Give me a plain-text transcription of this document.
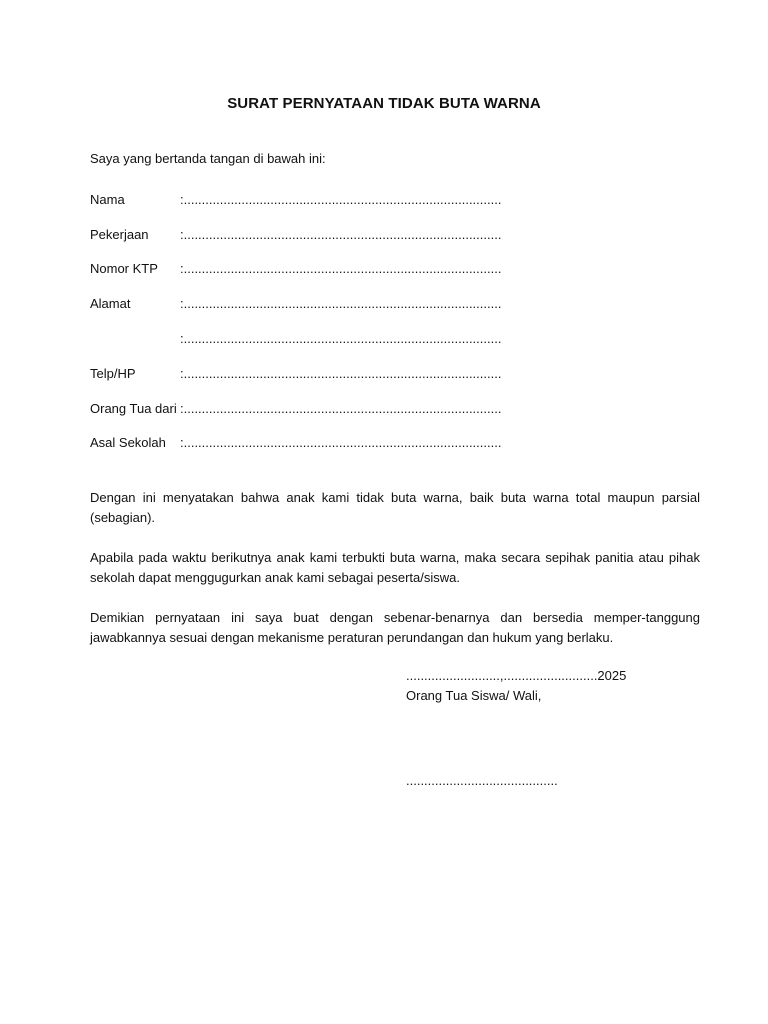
SURAT PERNYATAAN TIDAK BUTA WARNA
Saya yang bertanda tangan di bawah ini:
Nama	:........................................................................................
Pekerjaan :........................................................................................
Nomor KTP :........................................................................................
Alamat	:........................................................................................
:........................................................................................
Telp/HP	:........................................................................................
Orang Tua dari :........................................................................................
Asal Sekolah :........................................................................................
Dengan ini menyatakan bahwa anak kami tidak buta warna, baik buta warna total maupun parsial (sebagian).
Apabila pada waktu berikutnya anak kami terbukti buta warna, maka secara sepihak panitia atau pihak sekolah dapat menggugurkan anak kami sebagai peserta/siswa.
Demikian pernyataan ini saya buat dengan sebenar-benarnya dan bersedia memper-tanggung jawabkannya sesuai dengan mekanisme peraturan perundangan dan hukum yang berlaku.
..........................,..........................2025
Orang Tua Siswa/ Wali,
..........................................
